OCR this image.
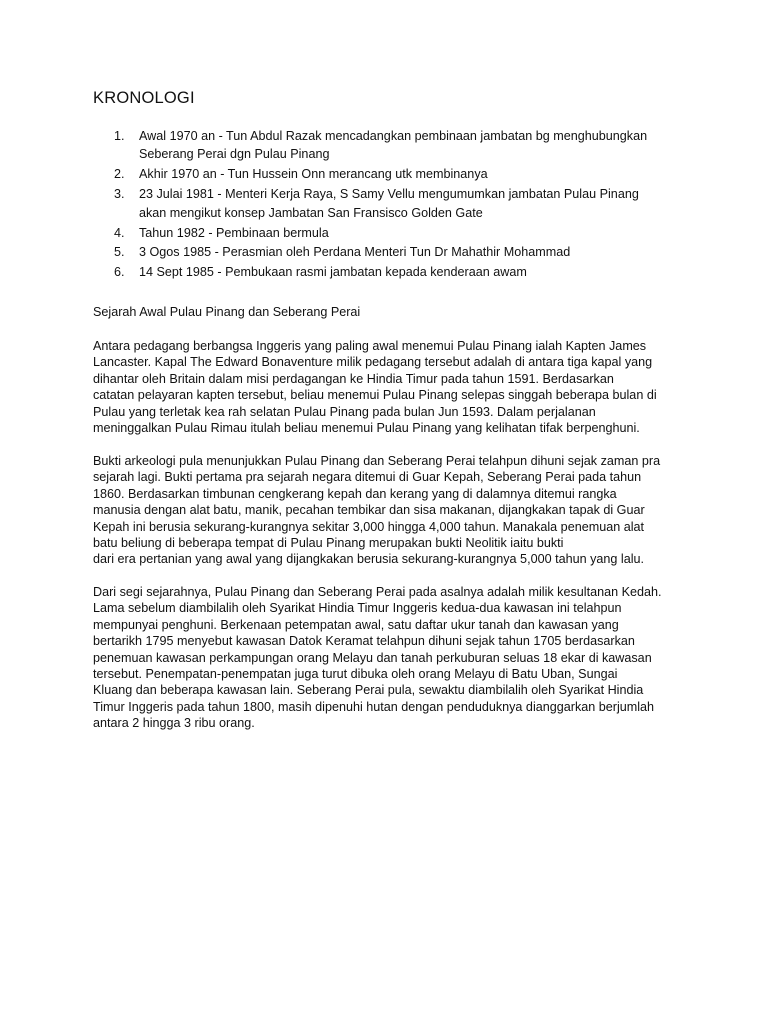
KRONOLOGI
1. Awal 1970 an - Tun Abdul Razak mencadangkan pembinaan jambatan bg menghubungkan
Seberang Perai dgn Pulau Pinang
2. Akhir 1970 an - Tun Hussein Onn merancang utk membinanya
3. 23 Julai 1981 - Menteri Kerja Raya, S Samy Vellu mengumumkan jambatan Pulau Pinang
akan mengikut konsep Jambatan San Fransisco Golden Gate
4. Tahun 1982 - Pembinaan bermula
5. 3 Ogos 1985 - Perasmian oleh Perdana Menteri Tun Dr Mahathir Mohammad
6. 14 Sept 1985 - Pembukaan rasmi jambatan kepada kenderaan awam
Sejarah Awal Pulau Pinang dan Seberang Perai

Antara pedagang berbangsa Inggeris yang paling awal menemui Pulau Pinang ialah Kapten James
Lancaster. Kapal The Edward Bonaventure milik pedagang tersebut adalah di antara tiga kapal yang
dihantar oleh Britain dalam misi perdagangan ke Hindia Timur pada tahun 1591. Berdasarkan
catatan pelayaran kapten tersebut, beliau menemui Pulau Pinang selepas singgah beberapa bulan di
Pulau yang terletak kea rah selatan Pulau Pinang pada bulan Jun 1593. Dalam perjalanan
meninggalkan Pulau Rimau itulah beliau menemui Pulau Pinang yang kelihatan tifak berpenghuni.

Bukti arkeologi pula menunjukkan Pulau Pinang dan Seberang Perai telahpun dihuni sejak zaman pra
sejarah lagi. Bukti pertama pra sejarah negara ditemui di Guar Kepah, Seberang Perai pada tahun
1860. Berdasarkan timbunan cengkerang kepah dan kerang yang di dalamnya ditemui rangka
manusia dengan alat batu, manik, pecahan tembikar dan sisa makanan, dijangkakan tapak di Guar
Kepah ini berusia sekurang-kurangnya sekitar 3,000 hingga 4,000 tahun. Manakala penemuan alat
batu beliung di beberapa tempat di Pulau Pinang merupakan bukti Neolitik iaitu bukti
dari era pertanian yang awal yang dijangkakan berusia sekurang-kurangnya 5,000 tahun yang lalu.

Dari segi sejarahnya, Pulau Pinang dan Seberang Perai pada asalnya adalah milik kesultanan Kedah.
Lama sebelum diambilalih oleh Syarikat Hindia Timur Inggeris kedua-dua kawasan ini telahpun
mempunyai penghuni. Berkenaan petempatan awal, satu daftar ukur tanah dan kawasan yang
bertarikh 1795 menyebut kawasan Datok Keramat telahpun dihuni sejak tahun 1705 berdasarkan
penemuan kawasan perkampungan orang Melayu dan tanah perkuburan seluas 18 ekar di kawasan
tersebut. Penempatan-penempatan juga turut dibuka oleh orang Melayu di Batu Uban, Sungai
Kluang dan beberapa kawasan lain. Seberang Perai pula, sewaktu diambilalih oleh Syarikat Hindia
Timur Inggeris pada tahun 1800, masih dipenuhi hutan dengan penduduknya dianggarkan berjumlah
antara 2 hingga 3 ribu orang.
